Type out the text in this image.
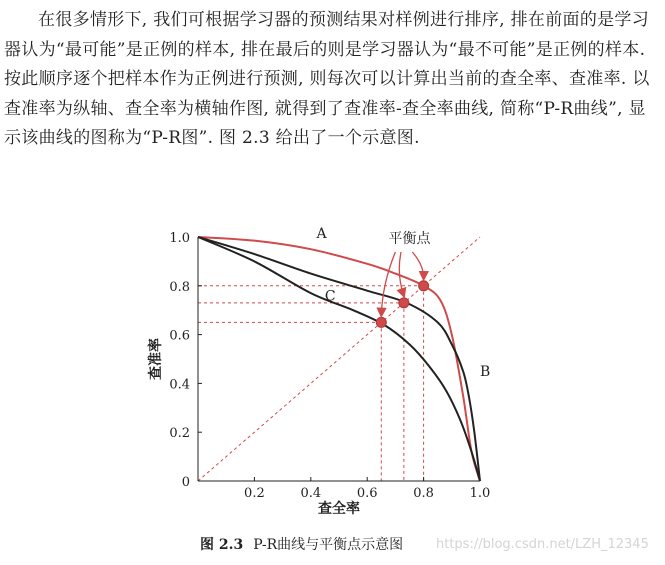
在很多情形下, 我们可根据学习器的预测结果对样例进行排序, 排在前面的是学习器认为“最可能”是正例的样本, 排在最后的则是学习器认为“最不可能”是正例的样本. 按此顺序逐个把样本作为正例进行预测, 则每次可以计算出当前的查全率、查准率. 以查准率为纵轴、查全率为横轴作图, 就得到了查准率-查全率曲线, 简称“P-R曲线”, 显示该曲线的图称为“P-R图”. 图 2.3 给出了一个示意图.

0.2	0.4	0.6	0.8	1.0
0
0.2
0.4
0.6
0.8
1.0
查全率
查准率
平衡点
A
B
C
图 2.3 P-R曲线与平衡点示意图	https://blog.csdn.net/LZH_12345
